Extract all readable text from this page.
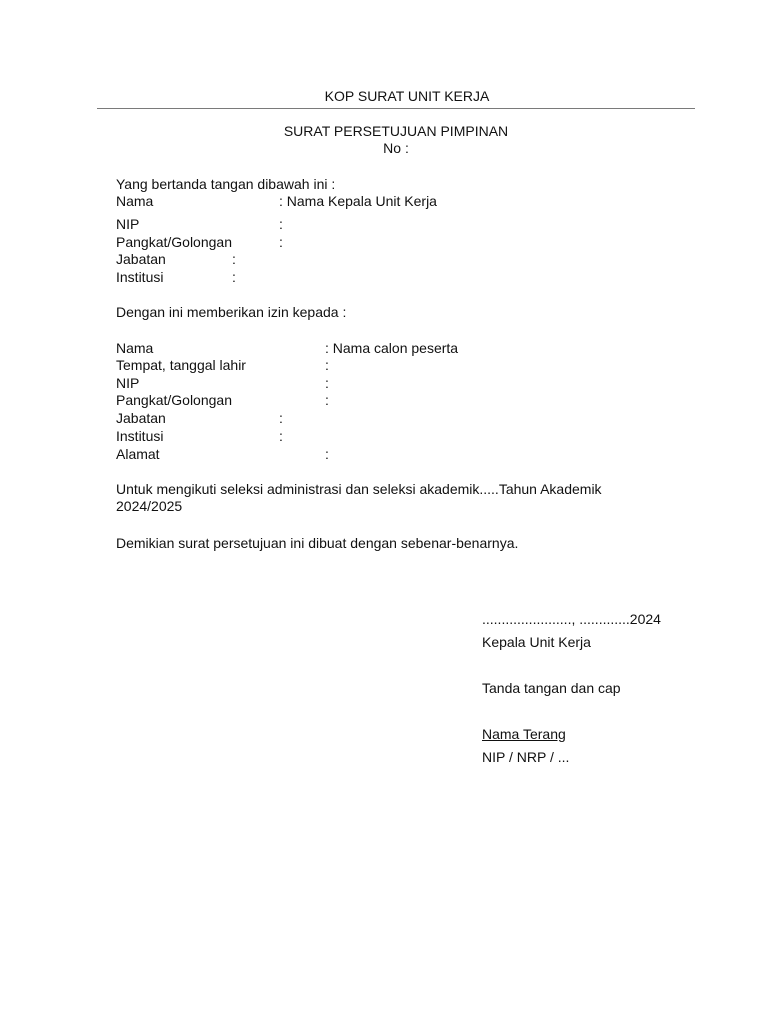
KOP SURAT UNIT KERJA
SURAT PERSETUJUAN PIMPINAN
No :
Yang bertanda tangan dibawah ini :
Nama	: Nama Kepala Unit Kerja
NIP	:
Pangkat/Golongan	:
Jabatan	:
Institusi	:
Dengan ini memberikan izin kepada :
Nama	: Nama calon peserta
Tempat, tanggal lahir	:
NIP	:
Pangkat/Golongan	:
Jabatan	:
Institusi	:
Alamat	:
Untuk mengikuti seleksi administrasi dan seleksi akademik.....Tahun Akademik
2024/2025
Demikian surat persetujuan ini dibuat dengan sebenar-benarnya.
......................., .............2024
Kepala Unit Kerja
Tanda tangan dan cap
Nama Terang
NIP / NRP / ...
